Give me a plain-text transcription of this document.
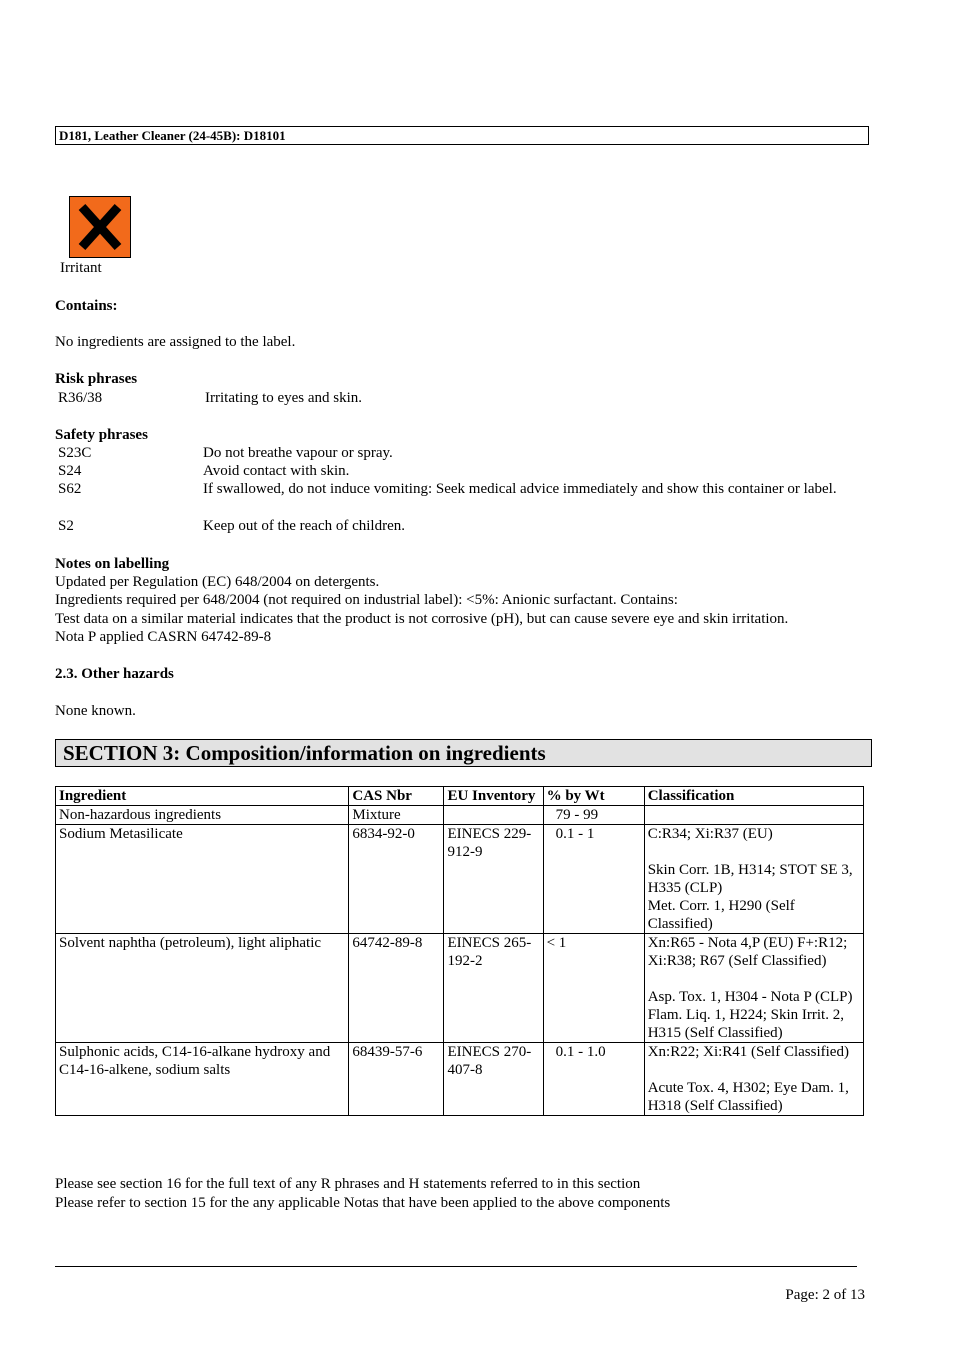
D181, Leather Cleaner (24-45B): D18101
Irritant
Contains:
No ingredients are assigned to the label.
Risk phrases
R36/38	Irritating to eyes and skin.
Safety phrases
S23C	Do not breathe vapour or spray.
S24	Avoid contact with skin.
S62	If swallowed, do not induce vomiting: Seek medical advice immediately and show this container or label.
S2	Keep out of the reach of children.
Notes on labelling
Updated per Regulation (EC) 648/2004 on detergents.
Ingredients required per 648/2004 (not required on industrial label): <5%: Anionic surfactant. Contains:
Test data on a similar material indicates that the product is not corrosive (pH), but can cause severe eye and skin irritation.
Nota P applied CASRN 64742-89-8
2.3. Other hazards
None known.
SECTION 3: Composition/information on ingredients
Ingredient	CAS Nbr	EU Inventory	% by Wt	Classification
Non-hazardous ingredients	Mixture		79 - 99	
Sodium Metasilicate	6834-92-0	EINECS 229-912-9	0.1 - 1	C:R34; Xi:R37 (EU)
Skin Corr. 1B, H314; STOT SE 3, H335 (CLP)
Met. Corr. 1, H290 (Self Classified)

Solvent naphtha (petroleum), light aliphatic	64742-89-8	EINECS 265-192-2	< 1	Xn:R65 - Nota 4,P (EU) F+:R12; Xi:R38; R67 (Self Classified)
Asp. Tox. 1, H304 - Nota P (CLP)
Flam. Liq. 1, H224; Skin Irrit. 2, H315 (Self Classified)

Sulphonic acids, C14-16-alkane hydroxy and C14-16-alkene, sodium salts	68439-57-6	EINECS 270-407-8	0.1 - 1.0	Xn:R22; Xi:R41 (Self Classified)
Acute Tox. 4, H302; Eye Dam. 1, H318 (Self Classified)
Please see section 16 for the full text of any R phrases and H statements referred to in this section
Please refer to section 15 for the any applicable Notas that have been applied to the above components
Page: 2 of 13
